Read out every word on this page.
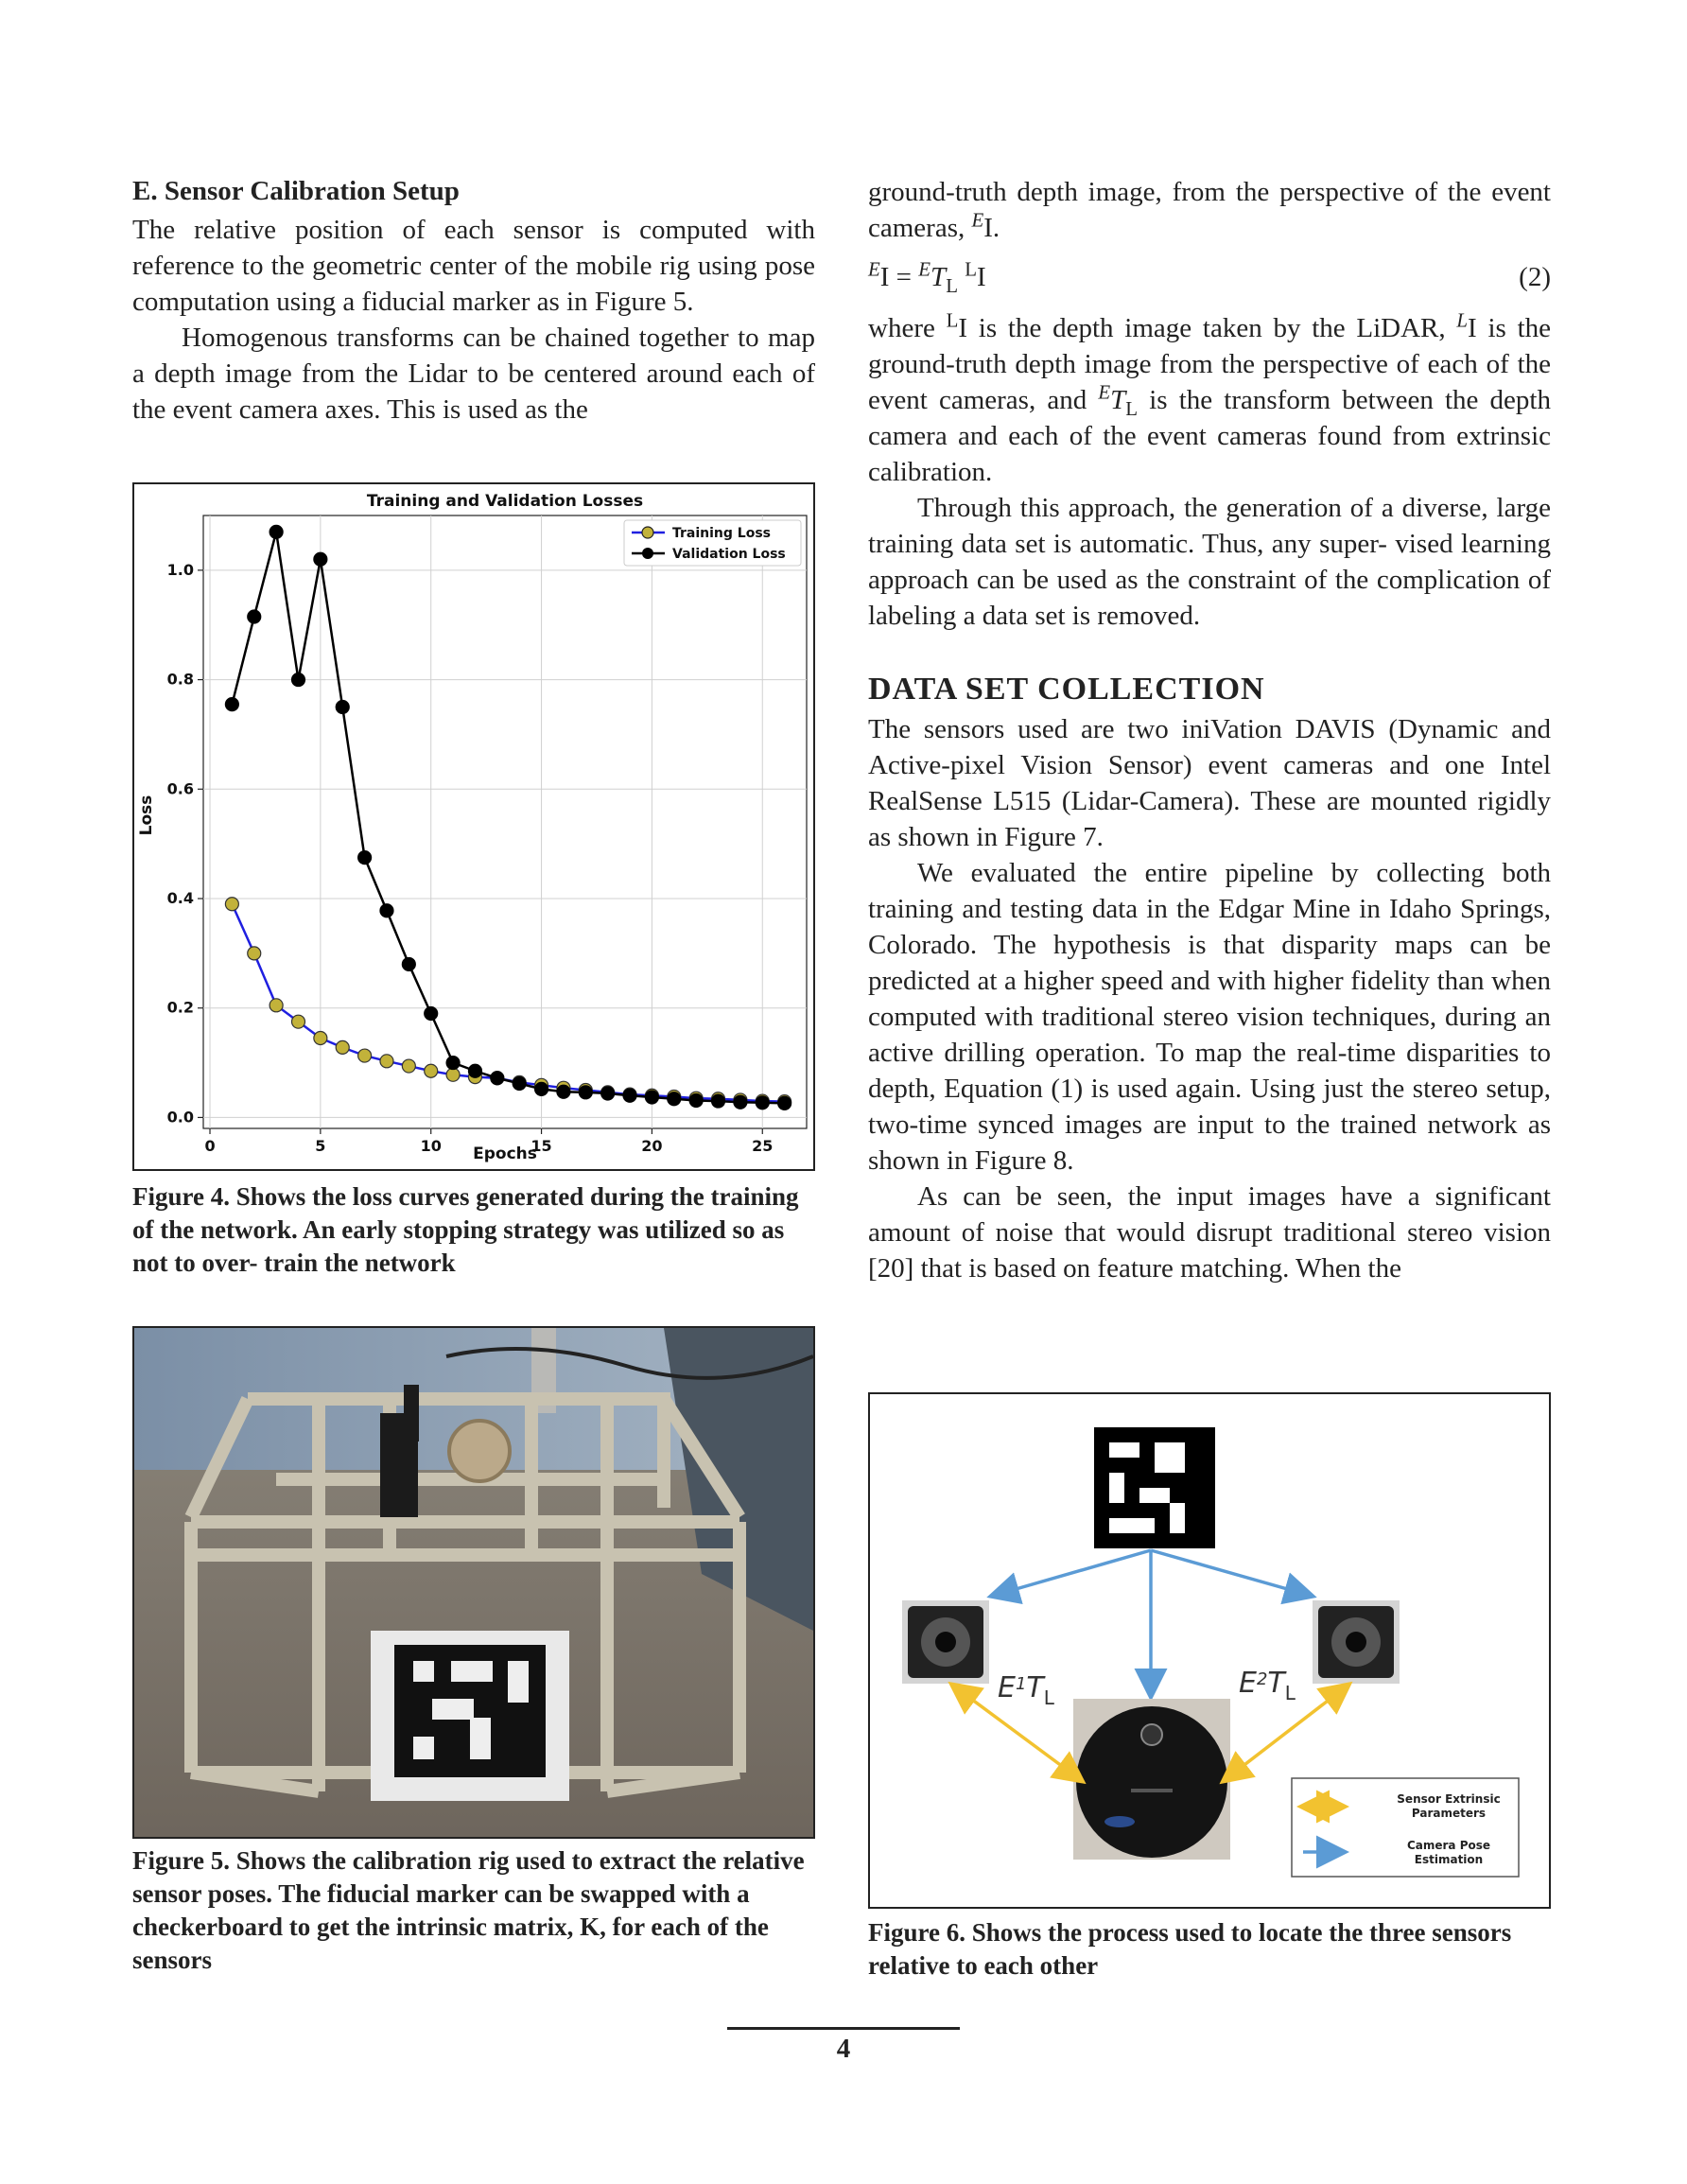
E. Sensor Calibration Setup

The relative position of each sensor is computed with reference to the geometric center of the mobile rig using pose computation using a fiducial marker as in Figure 5.

Homogenous transforms can be chained together to map a depth image from the Lidar to be centered around each of the event camera axes. This is used as the

ground-truth depth image, from the perspective of the event cameras, $^E$I.

$^EI = ^ET_L$ $^L$I	(2)

where $^L$I is the depth image taken by the LiDAR, $^L$I is the ground-truth depth image from the perspective of each of the event cameras, and $^ET_L$ is the transform between the depth camera and each of the event cameras found from extrinsic calibration.

Through this approach, the generation of a diverse, large training data set is automatic. Thus, any super- vised learning approach can be used as the constraint of the complication of labeling a data set is removed.

DATA SET COLLECTION

The sensors used are two iniVation DAVIS (Dynamic and Active-pixel Vision Sensor) event cameras and one Intel RealSense L515 (Lidar-Camera). These are mounted rigidly as shown in Figure 7.

We evaluated the entire pipeline by collecting both training and testing data in the Edgar Mine in Idaho Springs, Colorado. The hypothesis is that disparity maps can be predicted at a higher speed and with higher fidelity than when computed with traditional stereo vision techniques, during an active drilling operation. To map the real-time disparities to depth, Equation (1) is used again. Using just the stereo setup, two-time synced images are input to the trained network as shown in Figure 8.

As can be seen, the input images have a significant amount of noise that would disrupt traditional stereo vision [20] that is based on feature matching. When the

Training and Validation Losses
0	5	10	15	20	25
0.0
0.2
0.4
0.6
0.8
1.0
Epochs
Loss
Training Loss
Validation Loss
Figure 4. Shows the loss curves generated during the training of the network. An early stopping strategy was utilized so as not to over- train the network
Figure 5. Shows the calibration rig used to extract the relative sensor poses. The fiducial marker can be swapped with a checkerboard to get the intrinsic matrix, K, for each of the sensors
$E^1T_L$	$E^2T_L$
Sensor Extrinsic
Parameters
Camera Pose
Estimation
Figure 6. Shows the process used to locate the three sensors relative to each other
4
